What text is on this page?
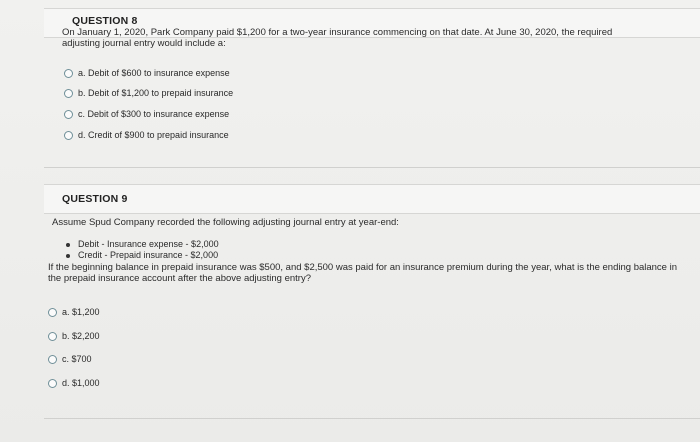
QUESTION 8
On January 1, 2020, Park Company paid $1,200 for a two-year insurance commencing on that date. At June 30, 2020, the required adjusting journal entry would include a:
a. Debit of $600 to insurance expense
b. Debit of $1,200 to prepaid insurance
c. Debit of $300 to insurance expense
d. Credit of $900 to prepaid insurance
QUESTION 9
Assume Spud Company recorded the following adjusting journal entry at year-end:
Debit - Insurance expense - $2,000
Credit - Prepaid insurance - $2,000
If the beginning balance in prepaid insurance was $500, and $2,500 was paid for an insurance premium during the year, what is the ending balance in the prepaid insurance account after the above adjusting entry?
a. $1,200
b. $2,200
c. $700
d. $1,000
